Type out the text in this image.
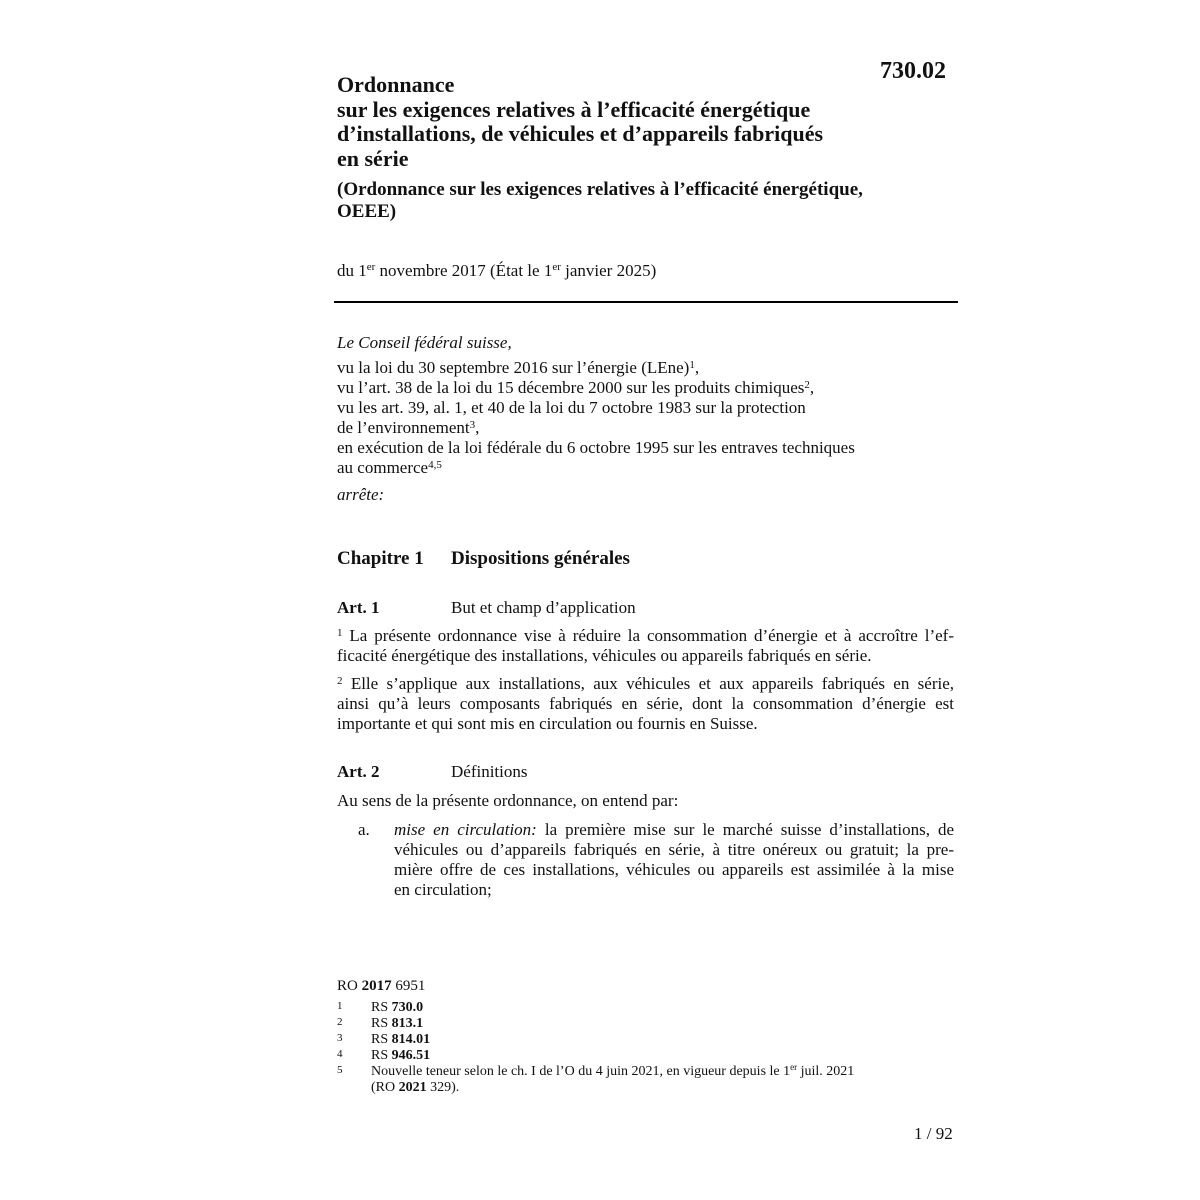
730.02
Ordonnance
sur les exigences relatives à l’efficacité énergétique
d’installations, de véhicules et d’appareils fabriqués
en série
(Ordonnance sur les exigences relatives à l’efficacité énergétique,
OEEE)
du 1er novembre 2017 (État le 1er janvier 2025)
Le Conseil fédéral suisse,
vu la loi du 30 septembre 2016 sur l’énergie (LEne)$^1$,
vu l’art. 38 de la loi du 15 décembre 2000 sur les produits chimiques$^2$,
vu les art. 39, al. 1, et 40 de la loi du 7 octobre 1983 sur la protection
de l’environnement$^3$,
en exécution de la loi fédérale du 6 octobre 1995 sur les entraves techniques
au commerce$^{4,5}$
arrête:
Chapitre 1 Dispositions générales
Art. 1	But et champ d’application
$^1$ La présente ordonnance vise à réduire la consommation d’énergie et à accroître l’ef-
ficacité énergétique des installations, véhicules ou appareils fabriqués en série.
$^2$ Elle s’applique aux installations, aux véhicules et aux appareils fabriqués en série,
ainsi qu’à leurs composants fabriqués en série, dont la consommation d’énergie est
importante et qui sont mis en circulation ou fournis en Suisse.
Art. 2	Définitions
Au sens de la présente ordonnance, on entend par:
a. mise en circulation: la première mise sur le marché suisse d’installations, de
véhicules ou d’appareils fabriqués en série, à titre onéreux ou gratuit; la pre-
mière offre de ces installations, véhicules ou appareils est assimilée à la mise
en circulation;
RO 2017 6951
1 RS 730.0
2 RS 813.1
3 RS 814.01
4 RS 946.51
5 Nouvelle teneur selon le ch. I de l’O du 4 juin 2021, en vigueur depuis le 1er juil. 2021
(RO 2021 329).
1 / 92
